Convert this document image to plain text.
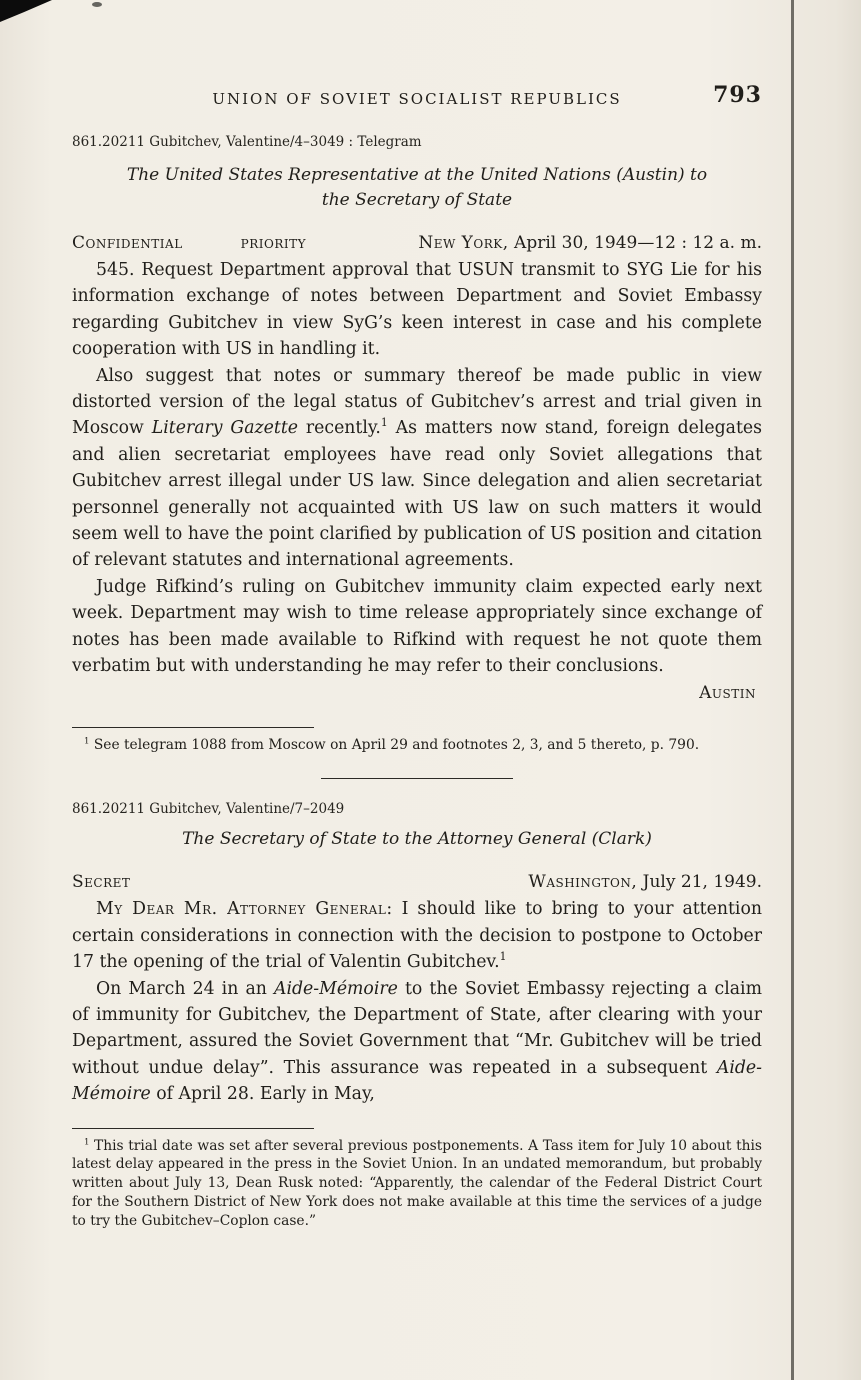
UNION OF SOVIET SOCIALIST REPUBLICS	793
861.20211 Gubitchev, Valentine/4–3049 : Telegram
The United States Representative at the United Nations (Austin) to
the Secretary of State
Confidential	priority	New York, April 30, 1949—12 : 12 a. m.

545. Request Department approval that USUN transmit to SYG Lie for his information exchange of notes between Department and Soviet Embassy regarding Gubitchev in view SyG’s keen interest in case and his complete cooperation with US in handling it.

Also suggest that notes or summary thereof be made public in view distorted version of the legal status of Gubitchev’s arrest and trial given in Moscow Literary Gazette recently.$^1$ As matters now stand, foreign delegates and alien secretariat employees have read only Soviet allegations that Gubitchev arrest illegal under US law. Since delegation and alien secretariat personnel generally not acquainted with US law on such matters it would seem well to have the point clarified by publication of US position and citation of relevant statutes and international agreements.

Judge Rifkind’s ruling on Gubitchev immunity claim expected early next week. Department may wish to time release appropriately since exchange of notes has been made available to Rifkind with request he not quote them verbatim but with understanding he may refer to their conclusions.

Austin

$^1$ See telegram 1088 from Moscow on April 29 and footnotes 2, 3, and 5 thereto, p. 790.

861.20211 Gubitchev, Valentine/7–2049
The Secretary of State to the Attorney General (Clark)
Secret	Washington, July 21, 1949.

My Dear Mr. Attorney General: I should like to bring to your attention certain considerations in connection with the decision to postpone to October 17 the opening of the trial of Valentin Gubitchev.$^1$

On March 24 in an Aide-Mémoire to the Soviet Embassy rejecting a claim of immunity for Gubitchev, the Department of State, after clearing with your Department, assured the Soviet Government that “Mr. Gubitchev will be tried without undue delay”. This assurance was repeated in a subsequent Aide-Mémoire of April 28. Early in May,

$^1$ This trial date was set after several previous postponements. A Tass item for July 10 about this latest delay appeared in the press in the Soviet Union. In an undated memorandum, but probably written about July 13, Dean Rusk noted: “Apparently, the calendar of the Federal District Court for the Southern District of New York does not make available at this time the services of a judge to try the Gubitchev–Coplon case.”
